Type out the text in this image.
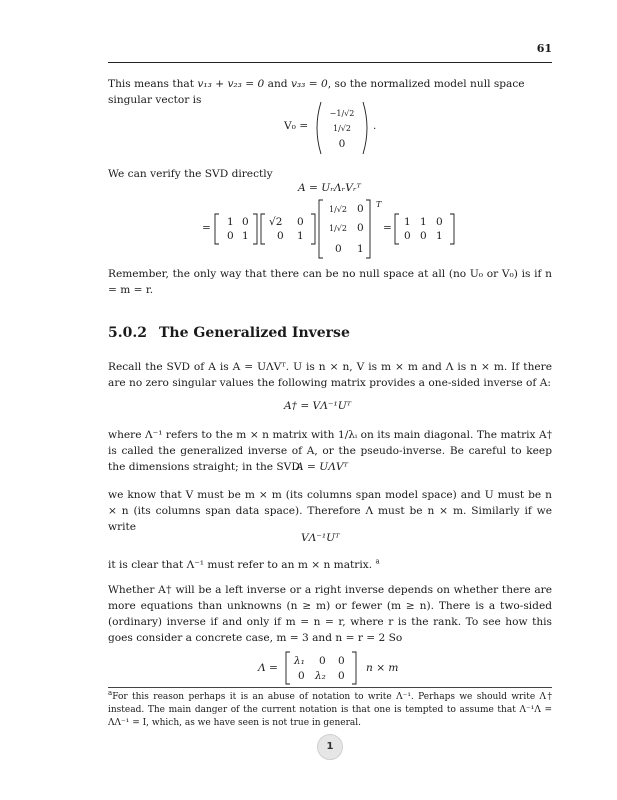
61
This means that v₁₃ + v₂₃ = 0 and v₃₃ = 0, so the normalized model null space singular vector is
V₀ =
−1/√2
1/√2
0
.
We can verify the SVD directly
A = UᵣΛᵣVᵣᵀ
= 1 0
0 1
√2 0
0 1
T
1/√2 0
1/√2 0
0 1
= 1 1 0
0 0 1
Remember, the only way that there can be no null space at all (no U₀ or V₀) is if n = m = r.
5.0.2 The Generalized Inverse
Recall the SVD of A is A = UΛVᵀ. U is n × n, V is m × m and Λ is n × m. If there are no zero singular values the following matrix provides a one-sided inverse of A:
A† = VΛ⁻¹Uᵀ
where Λ⁻¹ refers to the m × n matrix with 1/λᵢ on its main diagonal. The matrix A† is called the generalized inverse of A, or the pseudo-inverse. Be careful to keep the dimensions straight; in the SVD
A = UΛVᵀ
we know that V must be m × m (its columns span model space) and U must be n × n (its columns span data space). Therefore Λ must be n × m. Similarly if we write
VΛ⁻¹Uᵀ
it is clear that Λ⁻¹ must refer to an m × n matrix. $^a$
Whether A† will be a left inverse or a right inverse depends on whether there are more equations than unknowns (n ≥ m) or fewer (m ≥ n). There is a two-sided (ordinary) inverse if and only if m = n = r, where r is the rank. To see how this goes consider a concrete case, m = 3 and n = r = 2 So
Λ =
λ₁ 0 0
0 λ₂ 0
n × m
$^a$For this reason perhaps it is an abuse of notation to write Λ⁻¹. Perhaps we should write Λ† instead. The main danger of the current notation is that one is tempted to assume that Λ⁻¹Λ = ΛΛ⁻¹ = I, which, as we have seen is not true in general.
1
